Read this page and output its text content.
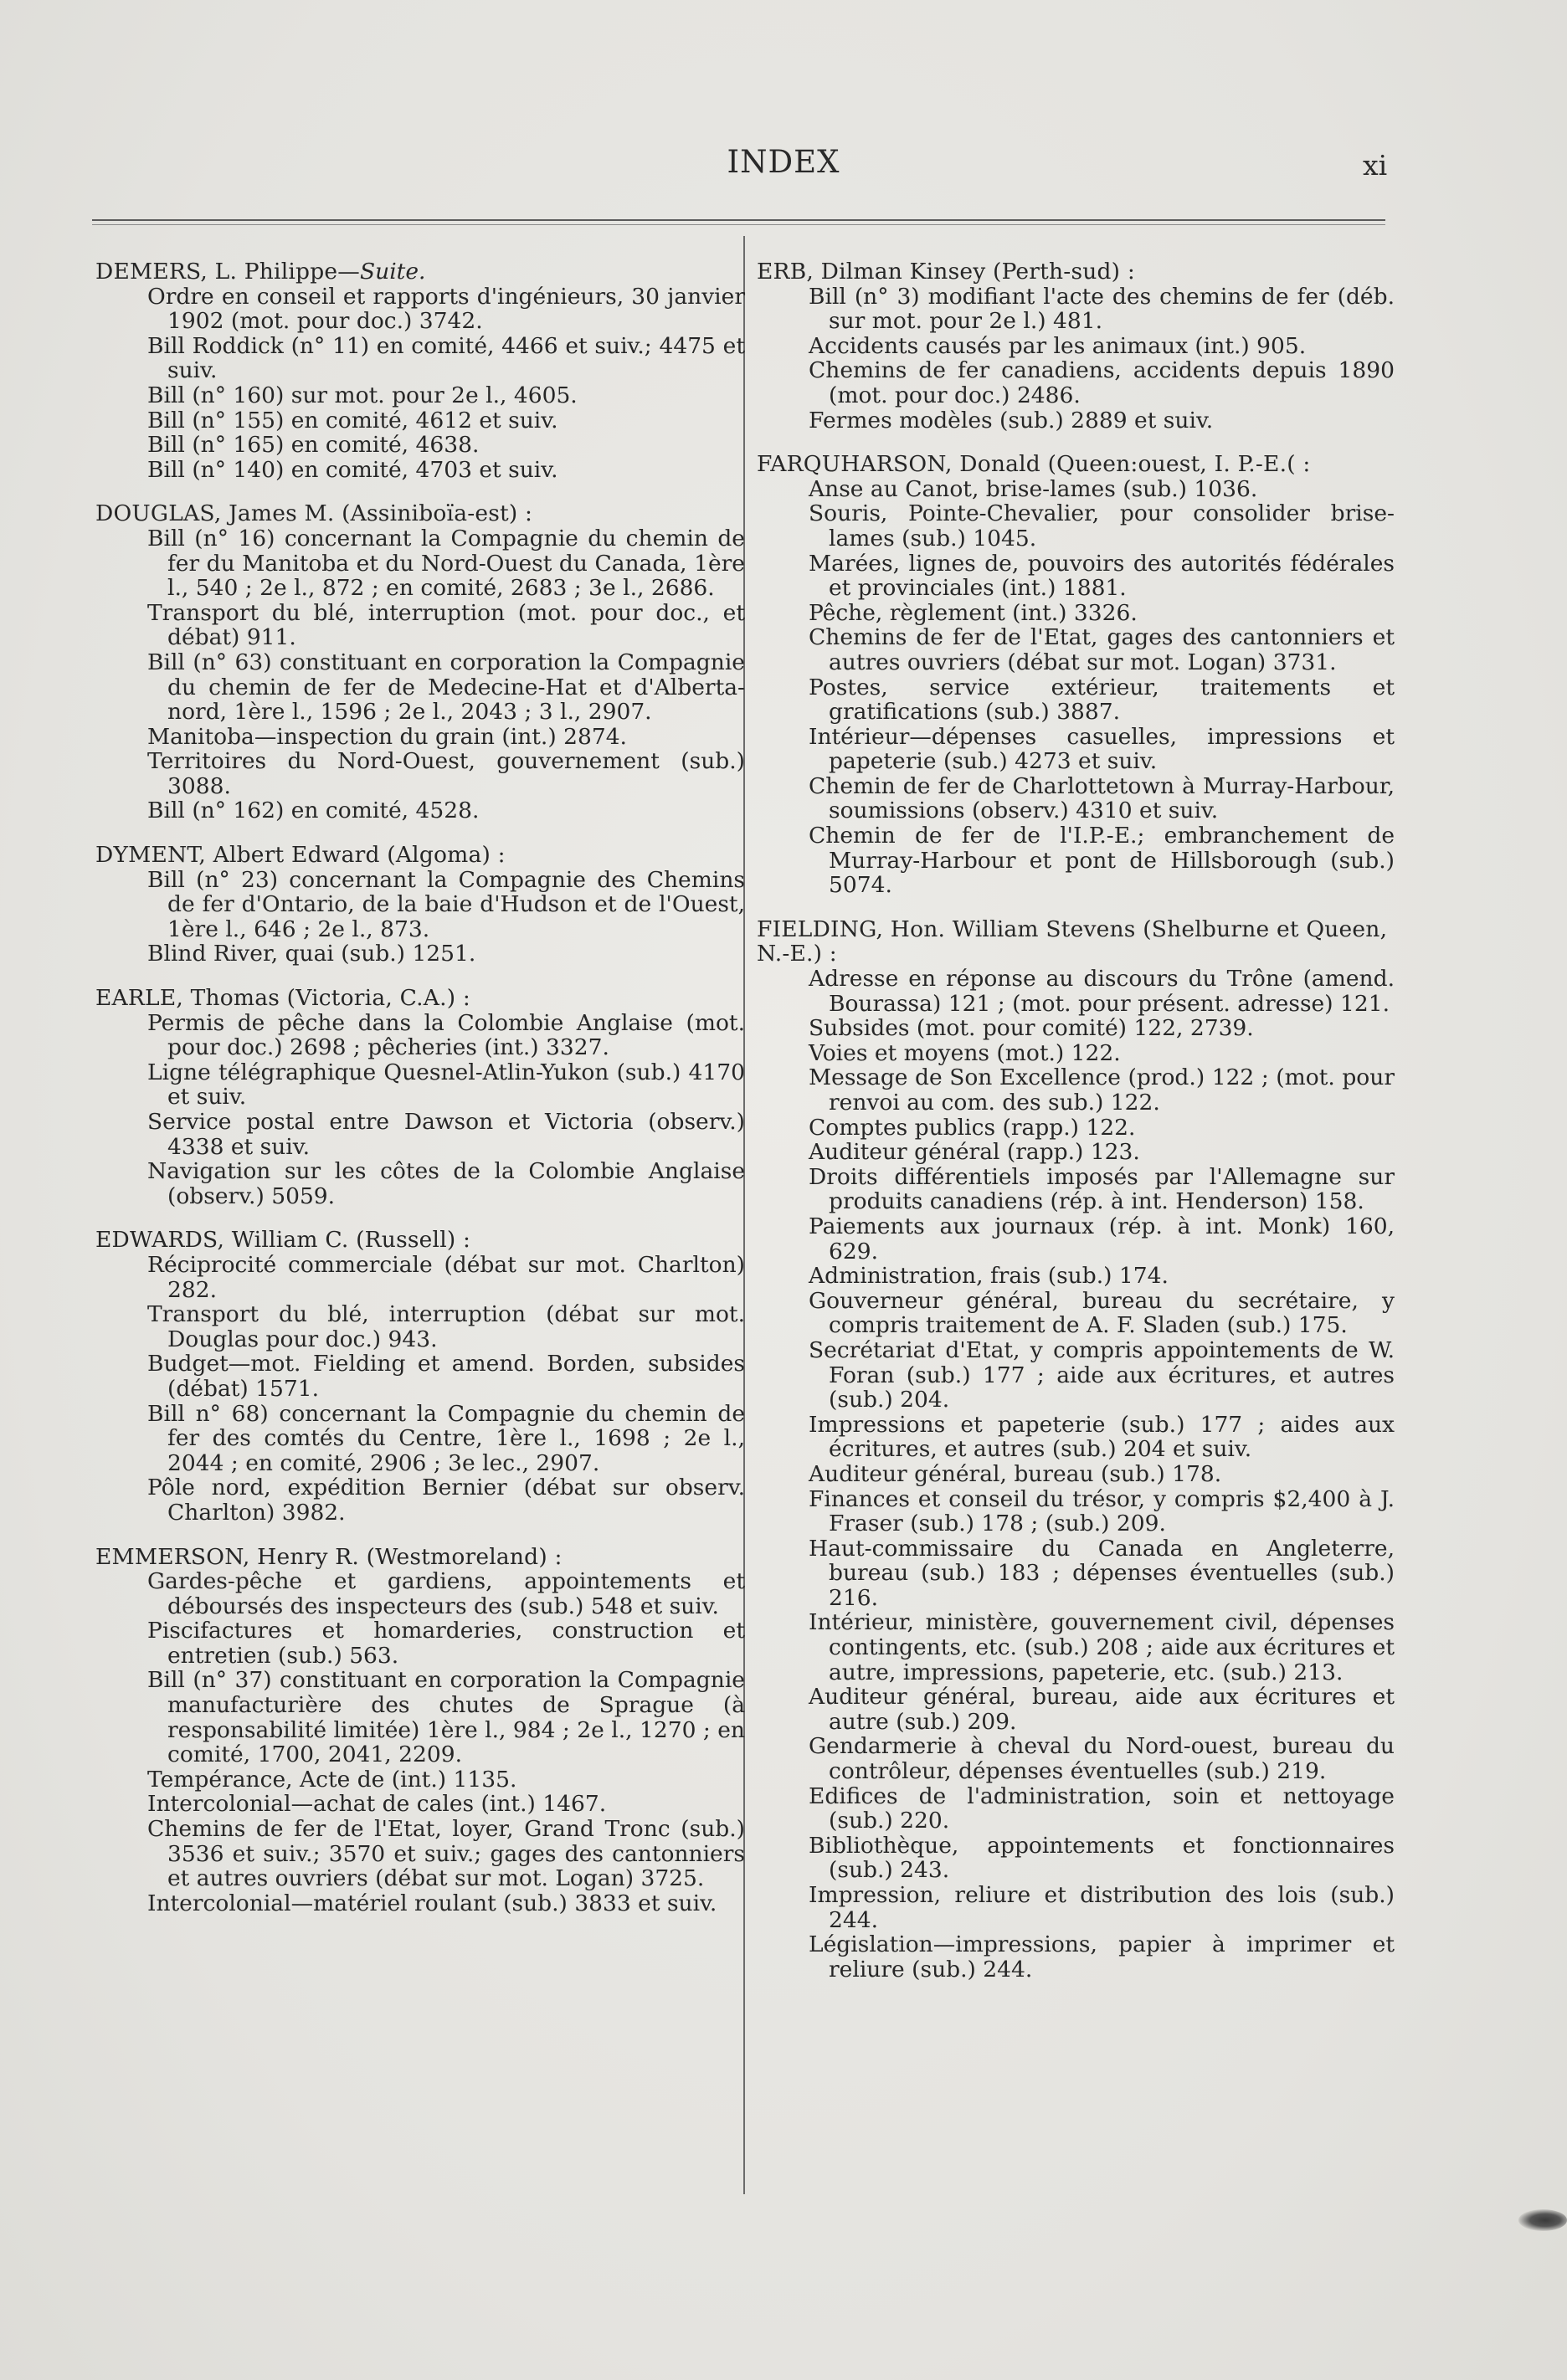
INDEX	xi
DEMERS, L. Philippe—Suite.
Ordre en conseil et rapports d'ingénieurs, 30 janvier 1902 (mot. pour doc.) 3742.
Bill Roddick (n° 11) en comité, 4466 et suiv.; 4475 et suiv.
Bill (n° 160) sur mot. pour 2e l., 4605.
Bill (n° 155) en comité, 4612 et suiv.
Bill (n° 165) en comité, 4638.
Bill (n° 140) en comité, 4703 et suiv.
DOUGLAS, James M. (Assiniboïa-est) :
Bill (n° 16) concernant la Compagnie du chemin de fer du Manitoba et du Nord-Ouest du Canada, 1ère l., 540 ; 2e l., 872 ; en comité, 2683 ; 3e l., 2686.
Transport du blé, interruption (mot. pour doc., et débat) 911.
Bill (n° 63) constituant en corporation la Compagnie du chemin de fer de Medecine-Hat et d'Alberta-nord, 1ère l., 1596 ; 2e l., 2043 ; 3 l., 2907.
Manitoba—inspection du grain (int.) 2874.
Territoires du Nord-Ouest, gouvernement (sub.) 3088.
Bill (n° 162) en comité, 4528.
DYMENT, Albert Edward (Algoma) :
Bill (n° 23) concernant la Compagnie des Chemins de fer d'Ontario, de la baie d'Hudson et de l'Ouest, 1ère l., 646 ; 2e l., 873.
Blind River, quai (sub.) 1251.
EARLE, Thomas (Victoria, C.A.) :
Permis de pêche dans la Colombie Anglaise (mot. pour doc.) 2698 ; pêcheries (int.) 3327.
Ligne télégraphique Quesnel-Atlin-Yukon (sub.) 4170 et suiv.
Service postal entre Dawson et Victoria (observ.) 4338 et suiv.
Navigation sur les côtes de la Colombie Anglaise (observ.) 5059.
EDWARDS, William C. (Russell) :
Réciprocité commerciale (débat sur mot. Charlton) 282.
Transport du blé, interruption (débat sur mot. Douglas pour doc.) 943.
Budget—mot. Fielding et amend. Borden, subsides (débat) 1571.
Bill n° 68) concernant la Compagnie du chemin de fer des comtés du Centre, 1ère l., 1698 ; 2e l., 2044 ; en comité, 2906 ; 3e lec., 2907.
Pôle nord, expédition Bernier (débat sur observ. Charlton) 3982.
EMMERSON, Henry R. (Westmoreland) :
Gardes-pêche et gardiens, appointements et déboursés des inspecteurs des (sub.) 548 et suiv.
Piscifactures et homarderies, construction et entretien (sub.) 563.
Bill (n° 37) constituant en corporation la Compagnie manufacturière des chutes de Sprague (à responsabilité limitée) 1ère l., 984 ; 2e l., 1270 ; en comité, 1700, 2041, 2209.
Tempérance, Acte de (int.) 1135.
Intercolonial—achat de cales (int.) 1467.
Chemins de fer de l'Etat, loyer, Grand Tronc (sub.) 3536 et suiv.; 3570 et suiv.; gages des cantonniers et autres ouvriers (débat sur mot. Logan) 3725.
Intercolonial—matériel roulant (sub.) 3833 et suiv.
ERB, Dilman Kinsey (Perth-sud) :
Bill (n° 3) modifiant l'acte des chemins de fer (déb. sur mot. pour 2e l.) 481.
Accidents causés par les animaux (int.) 905.
Chemins de fer canadiens, accidents depuis 1890 (mot. pour doc.) 2486.
Fermes modèles (sub.) 2889 et suiv.
FARQUHARSON, Donald (Queen:ouest, I. P.-E.( :
Anse au Canot, brise-lames (sub.) 1036.
Souris, Pointe-Chevalier, pour consolider brise-lames (sub.) 1045.
Marées, lignes de, pouvoirs des autorités fédérales et provinciales (int.) 1881.
Pêche, règlement (int.) 3326.
Chemins de fer de l'Etat, gages des cantonniers et autres ouvriers (débat sur mot. Logan) 3731.
Postes, service extérieur, traitements et gratifications (sub.) 3887.
Intérieur—dépenses casuelles, impressions et papeterie (sub.) 4273 et suiv.
Chemin de fer de Charlottetown à Murray-Harbour, soumissions (observ.) 4310 et suiv.
Chemin de fer de l'I.P.-E.; embranchement de Murray-Harbour et pont de Hillsborough (sub.) 5074.
FIELDING, Hon. William Stevens (Shelburne et Queen, N.-E.) :
Adresse en réponse au discours du Trône (amend. Bourassa) 121 ; (mot. pour présent. adresse) 121.
Subsides (mot. pour comité) 122, 2739.
Voies et moyens (mot.) 122.
Message de Son Excellence (prod.) 122 ; (mot. pour renvoi au com. des sub.) 122.
Comptes publics (rapp.) 122.
Auditeur général (rapp.) 123.
Droits différentiels imposés par l'Allemagne sur produits canadiens (rép. à int. Henderson) 158.
Paiements aux journaux (rép. à int. Monk) 160, 629.
Administration, frais (sub.) 174.
Gouverneur général, bureau du secrétaire, y compris traitement de A. F. Sladen (sub.) 175.
Secrétariat d'Etat, y compris appointements de W. Foran (sub.) 177 ; aide aux écritures, et autres (sub.) 204.
Impressions et papeterie (sub.) 177 ; aides aux écritures, et autres (sub.) 204 et suiv.
Auditeur général, bureau (sub.) 178.
Finances et conseil du trésor, y compris $2,400 à J. Fraser (sub.) 178 ; (sub.) 209.
Haut-commissaire du Canada en Angleterre, bureau (sub.) 183 ; dépenses éventuelles (sub.) 216.
Intérieur, ministère, gouvernement civil, dépenses contingents, etc. (sub.) 208 ; aide aux écritures et autre, impressions, papeterie, etc. (sub.) 213.
Auditeur général, bureau, aide aux écritures et autre (sub.) 209.
Gendarmerie à cheval du Nord-ouest, bureau du contrôleur, dépenses éventuelles (sub.) 219.
Edifices de l'administration, soin et nettoyage (sub.) 220.
Bibliothèque, appointements et fonctionnaires (sub.) 243.
Impression, reliure et distribution des lois (sub.) 244.
Législation—impressions, papier à imprimer et reliure (sub.) 244.
